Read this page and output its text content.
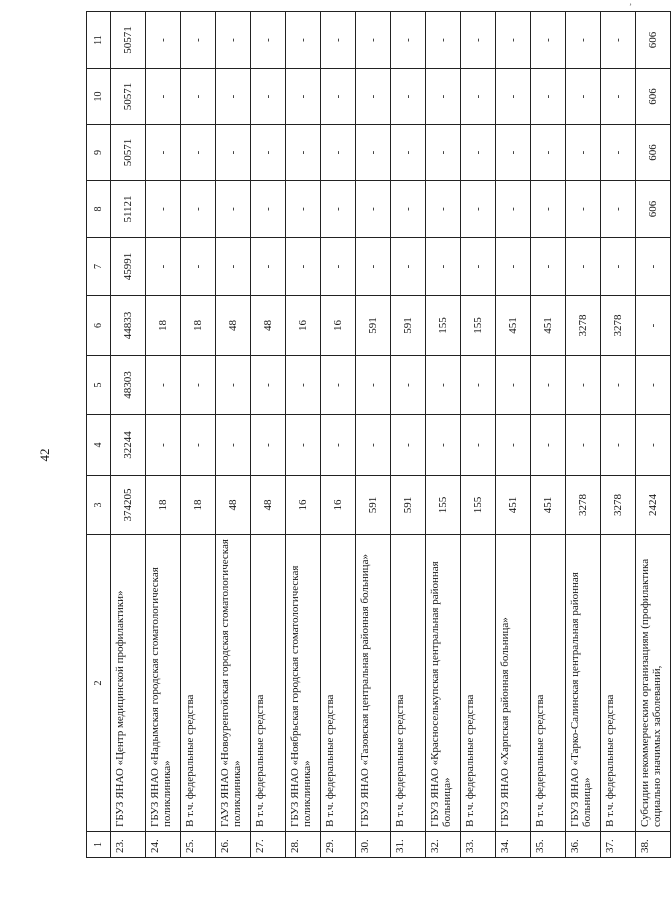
42
ʼ
1	2	3	4	5	6	7	8	9	10	11
23.	ГБУЗ ЯНАО «Центр медицинской профилактики»	374205	32244	48303	44833	45991	51121	50571	50571	50571
24.	ГБУЗ ЯНАО «Надымская городская стоматологическая поликлиника»	18	-	-	18	-	-	-	-	-
25.	В т.ч. федеральные средства	18	-	-	18	-	-	-	-	-
26.	ГАУЗ ЯНАО «Новоуренгойская городская стоматологическая поликлиника»	48	-	-	48	-	-	-	-	-
27.	В т.ч. федеральные средства	48	-	-	48	-	-	-	-	-
28.	ГБУЗ ЯНАО «Ноябрьская городская стоматологическая поликлиника»	16	-	-	16	-	-	-	-	-
29.	В т.ч. федеральные средства	16	-	-	16	-	-	-	-	-
30.	ГБУЗ ЯНАО «Тазовская центральная районная больница»	591	-	-	591	-	-	-	-	-
31.	В т.ч. федеральные средства	591	-	-	591	-	-	-	-	-
32.	ГБУЗ ЯНАО «Красноселькупская центральная районная больница»	155	-	-	155	-	-	-	-	-
33.	В т.ч. федеральные средства	155	-	-	155	-	-	-	-	-
34.	ГБУЗ ЯНАО «Харпская районная больница»	451	-	-	451	-	-	-	-	-
35.	В т.ч. федеральные средства	451	-	-	451	-	-	-	-	-
36.	ГБУЗ ЯНАО «Тарко-Салинская центральная районная больница»	3278	-	-	3278	-	-	-	-	-
37.	В т.ч. федеральные средства	3278	-	-	3278	-	-	-	-	-
38.	Субсидии некоммерческим организациям (профилактика социально значимых заболеваний,	2424	-	-	-	-	606	606	606	606
